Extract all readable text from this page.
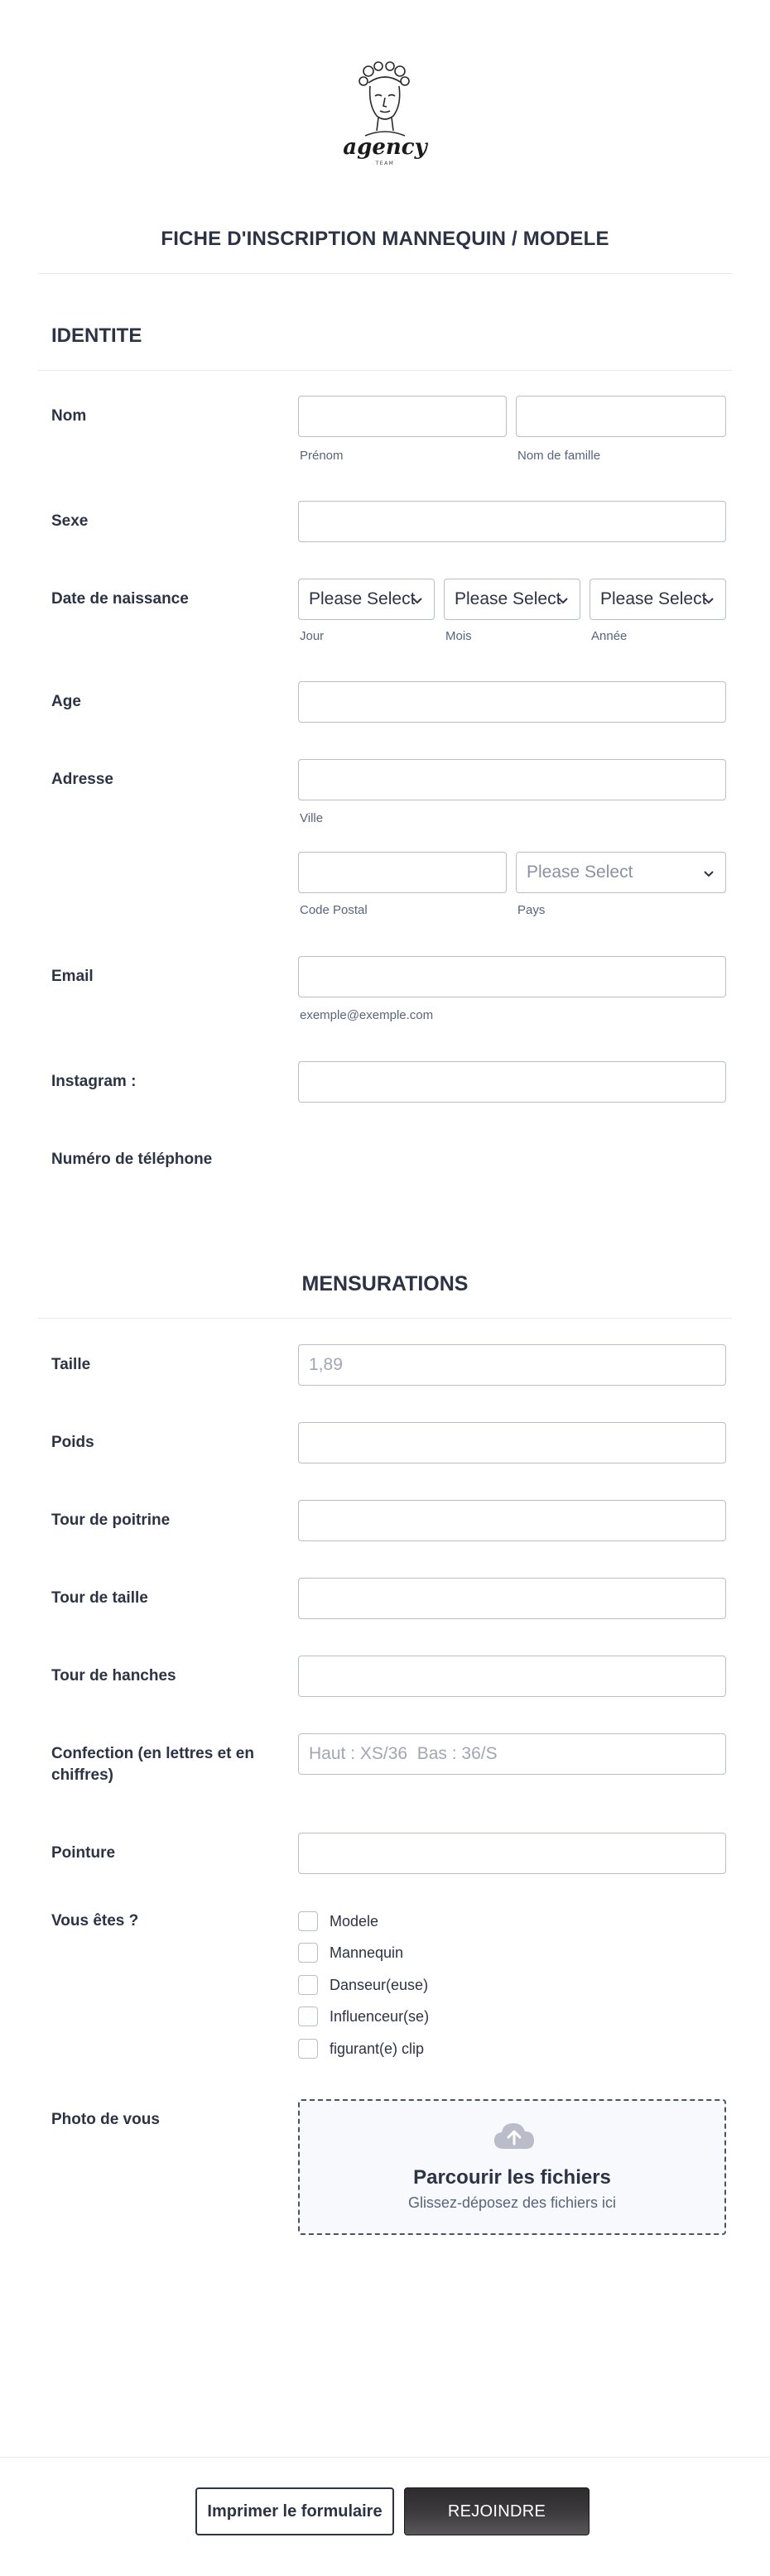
agency
TEAM
FICHE D'INSCRIPTION MANNEQUIN / MODELE
IDENTITE
Nom
Prénom	Nom de famille
Sexe
Date de naissance	Please Select Please Select Please Select
Jour	Mois	Année
Age
Adresse
Ville
Please Select
Code Postal	Pays
Email
exemple@exemple.com
Instagram :
Numéro de téléphone
MENSURATIONS
Taille
1,89
Poids
Tour de poitrine
Tour de taille
Tour de hanches
Confection (en lettres et en chiffres)
Haut : XS/36 Bas : 36/S
Pointure
Vous êtes ?	Modele
Mannequin
Danseur(euse)
Influenceur(se)
figurant(e) clip
Photo de vous
Parcourir les fichiers
Glissez-déposez des fichiers ici
Imprimer le formulaire	REJOINDRE
